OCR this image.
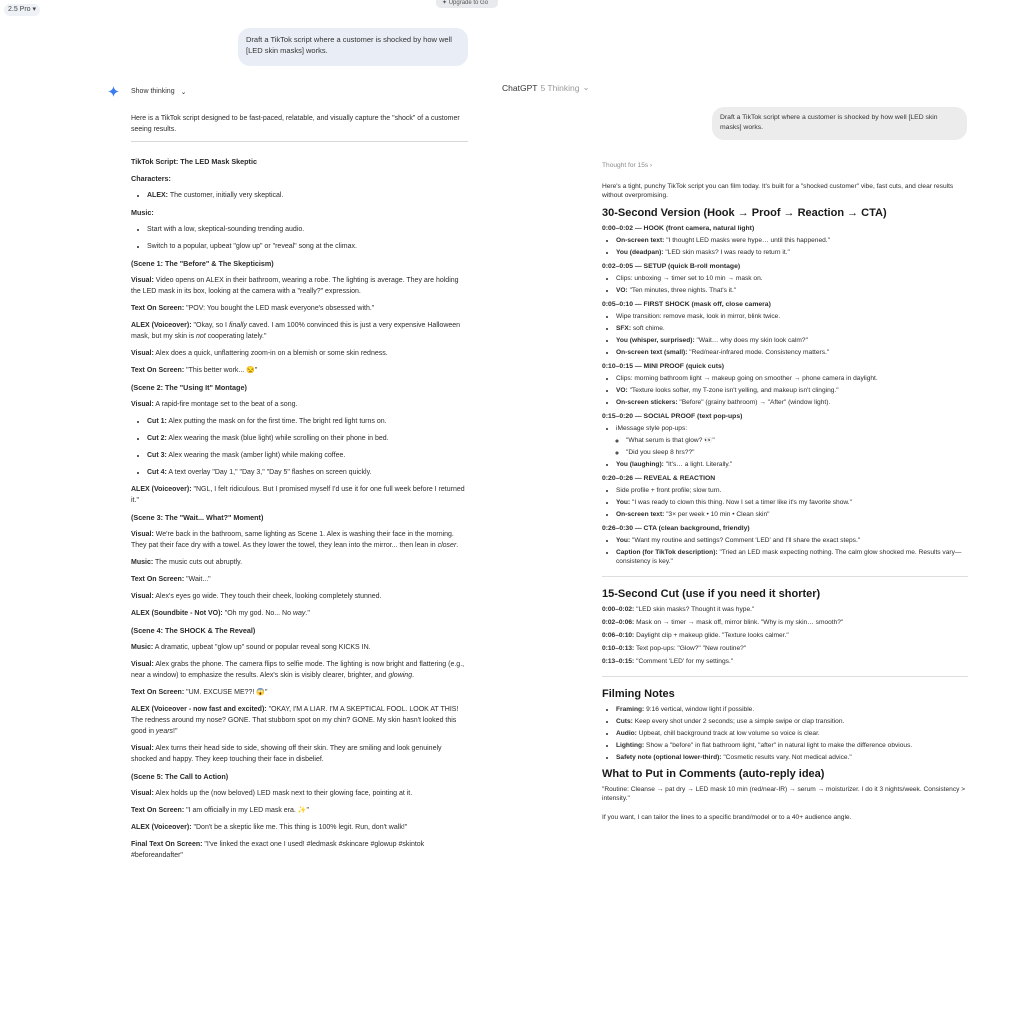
2.5 Pro ▾
✦ Upgrade to Go
Draft a TikTok script where a customer is shocked by how well [LED skin masks] works.
Show thinking ⌄

Here is a TikTok script designed to be fast-paced, relatable, and visually capture the "shock" of a customer seeing results.

TikTok Script: The LED Mask Skeptic
Characters:
• ALEX: The customer, initially very skeptical.
Music:
• Start with a low, skeptical-sounding trending audio.
• Switch to a popular, upbeat "glow up" or "reveal" song at the climax.
(Scene 1: The "Before" & The Skepticism)

Visual: Video opens on ALEX in their bathroom, wearing a robe. The lighting is average. They are holding the LED mask in its box, looking at the camera with a "really?" expression.

Text On Screen: "POV: You bought the LED mask everyone's obsessed with."

ALEX (Voiceover): "Okay, so I finally caved. I am 100% convinced this is just a very expensive Halloween mask, but my skin is not cooperating lately."

Visual: Alex does a quick, unflattering zoom-in on a blemish or some skin redness.

Text On Screen: "This better work... 😒"

(Scene 2: The "Using It" Montage)

Visual: A rapid-fire montage set to the beat of a song.

• Cut 1: Alex putting the mask on for the first time. The bright red light turns on.
• Cut 2: Alex wearing the mask (blue light) while scrolling on their phone in bed.
• Cut 3: Alex wearing the mask (amber light) while making coffee.
• Cut 4: A text overlay "Day 1," "Day 3," "Day 5" flashes on screen quickly.

ALEX (Voiceover): "NGL, I felt ridiculous. But I promised myself I'd use it for one full week before I returned it."

(Scene 3: The "Wait... What?" Moment)

Visual: We're back in the bathroom, same lighting as Scene 1. Alex is washing their face in the morning. They pat their face dry with a towel. As they lower the towel, they lean into the mirror... then lean in closer.

Music: The music cuts out abruptly.

Text On Screen: "Wait..."

Visual: Alex's eyes go wide. They touch their cheek, looking completely stunned.

ALEX (Soundbite - Not VO): "Oh my god. No... No way."

(Scene 4: The SHOCK & The Reveal)

Music: A dramatic, upbeat "glow up" sound or popular reveal song KICKS IN.

Visual: Alex grabs the phone. The camera flips to selfie mode. The lighting is now bright and flattering (e.g., near a window) to emphasize the results. Alex's skin is visibly clearer, brighter, and glowing.

Text On Screen: "UM. EXCUSE ME??! 😱"

ALEX (Voiceover - now fast and excited): "OKAY, I'M A LIAR. I'M A SKEPTICAL FOOL. LOOK AT THIS! The redness around my nose? GONE. That stubborn spot on my chin? GONE. My skin hasn't looked this good in years!"

Visual: Alex turns their head side to side, showing off their skin. They are smiling and look genuinely shocked and happy. They keep touching their face in disbelief.

(Scene 5: The Call to Action)

Visual: Alex holds up the (now beloved) LED mask next to their glowing face, pointing at it.

Text On Screen: "I am officially in my LED mask era. ✨"

ALEX (Voiceover): "Don't be a skeptic like me. This thing is 100% legit. Run, don't walk!"

Final Text On Screen: "I've linked the exact one I used! #ledmask #skincare #glowup #skintok #beforeandafter"

ChatGPT 5 Thinking ⌄
Draft a TikTok script where a customer is shocked by how well [LED skin masks] works.
Thought for 15s ›

Here's a tight, punchy TikTok script you can film today. It's built for a "shocked customer" vibe, fast cuts, and clear results without overpromising.

30-Second Version (Hook → Proof → Reaction → CTA)
0:00–0:02 — HOOK (front camera, natural light)
• On-screen text: "I thought LED masks were hype… until this happened."
• You (deadpan): "LED skin masks? I was ready to return it."
0:02–0:05 — SETUP (quick B-roll montage)
• Clips: unboxing → timer set to 10 min → mask on.
• VO: "Ten minutes, three nights. That's it."
0:05–0:10 — FIRST SHOCK (mask off, close camera)
• Wipe transition: remove mask, look in mirror, blink twice.
• SFX: soft chime.
• You (whisper, surprised): "Wait… why does my skin look calm?"
• On-screen text (small): "Red/near-infrared mode. Consistency matters."
0:10–0:15 — MINI PROOF (quick cuts)
• Clips: morning bathroom light → makeup going on smoother → phone camera in daylight.
• VO: "Texture looks softer, my T-zone isn't yelling, and makeup isn't clinging."
• On-screen stickers: "Before" (grainy bathroom) → "After" (window light).
0:15–0:20 — SOCIAL PROOF (text pop-ups)
• iMessage style pop-ups:
◦ "What serum is that glow? 👀"
◦ "Did you sleep 8 hrs??"
• You (laughing): "It's… a light. Literally."
0:20–0:26 — REVEAL & REACTION
• Side profile + front profile; slow turn.
• You: "I was ready to clown this thing. Now I set a timer like it's my favorite show."
• On-screen text: "3× per week • 10 min • Clean skin"
0:26–0:30 — CTA (clean background, friendly)
• You: "Want my routine and settings? Comment 'LED' and I'll share the exact steps."
• Caption (for TikTok description): "Tried an LED mask expecting nothing. The calm glow shocked me. Results vary—consistency is key."
15-Second Cut (use if you need it shorter)
0:00–0:02: "LED skin masks? Thought it was hype."
0:02–0:06: Mask on → timer → mask off, mirror blink. "Why is my skin… smooth?"
0:06–0:10: Daylight clip + makeup glide. "Texture looks calmer."
0:10–0:13: Text pop-ups: "Glow?" "New routine?"
0:13–0:15: "Comment 'LED' for my settings."
Filming Notes
• Framing: 9:16 vertical, window light if possible.
• Cuts: Keep every shot under 2 seconds; use a simple swipe or clap transition.
• Audio: Upbeat, chill background track at low volume so voice is clear.
• Lighting: Show a "before" in flat bathroom light, "after" in natural light to make the difference obvious.
• Safety note (optional lower-third): "Cosmetic results vary. Not medical advice."
What to Put in Comments (auto-reply idea)

"Routine: Cleanse → pat dry → LED mask 10 min (red/near-IR) → serum → moisturizer. I do it 3 nights/week. Consistency > intensity."

If you want, I can tailor the lines to a specific brand/model or to a 40+ audience angle.
